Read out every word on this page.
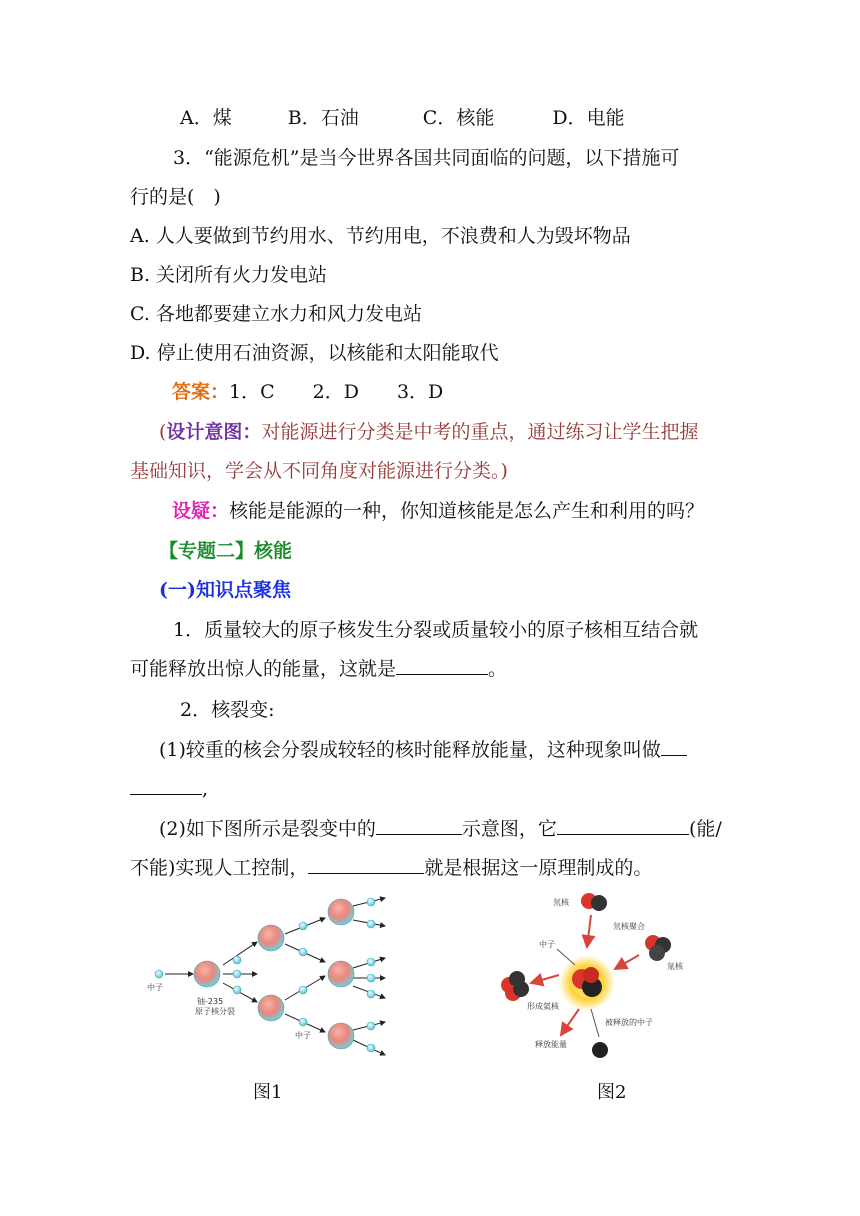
A．煤	B．石油	C．核能	D．电能
3．“能源危机”是当今世界各国共同面临的问题，以下措施可
行的是(　)
A. 人人要做到节约用水、节约用电，不浪费和人为毁坏物品
B. 关闭所有火力发电站
C. 各地都要建立水力和风力发电站
D. 停止使用石油资源，以核能和太阳能取代
答案：1．C　　2．D　　3．D
(设计意图：对能源进行分类是中考的重点，通过练习让学生把握
基础知识，学会从不同角度对能源进行分类。)
设疑：核能是能源的一种，你知道核能是怎么产生和利用的吗？
【专题二】核能
(一)知识点聚焦
1．质量较大的原子核发生分裂或质量较小的原子核相互结合就
可能释放出惊人的能量，这就是	。
2．核裂变:
(1)较重的核会分裂成较轻的核时能释放能量，这种现象叫做
,
(2)如下图所示是裂变中的	示意图，它	(能/
不能)实现人工控制，	就是根据这一原理制成的。
中子
铀-235
原子核分裂
中子
图1
氘核
氘核聚合
中子
氚核
形成氦核
被释放的中子
释放能量
图2
